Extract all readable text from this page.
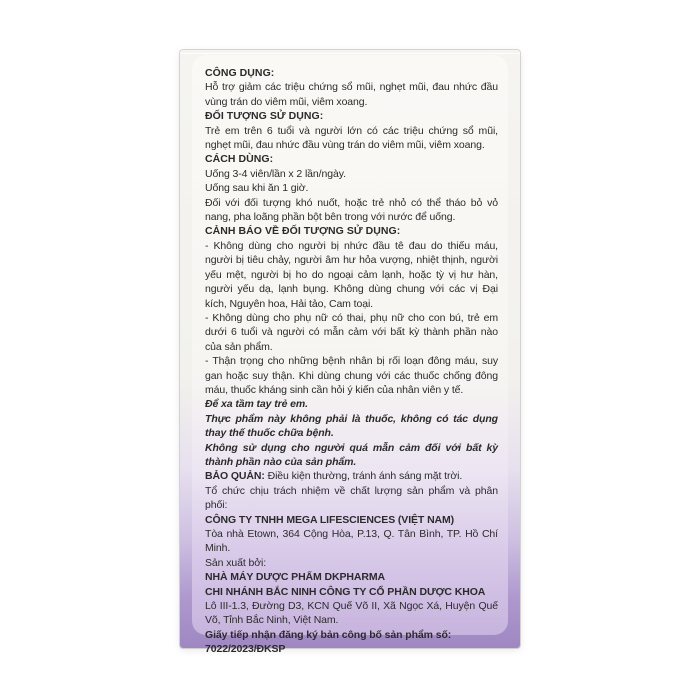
CÔNG DỤNG:

Hỗ trợ giảm các triệu chứng sổ mũi, nghẹt mũi, đau nhức đầu vùng trán do viêm mũi, viêm xoang.

ĐỐI TƯỢNG SỬ DỤNG:

Trẻ em trên 6 tuổi và người lớn có các triệu chứng sổ mũi, nghẹt mũi, đau nhức đầu vùng trán do viêm mũi, viêm xoang.

CÁCH DÙNG:

Uống 3-4 viên/lần x 2 lần/ngày.

Uống sau khi ăn 1 giờ.

Đối với đối tượng khó nuốt, hoặc trẻ nhỏ có thể tháo bỏ vỏ nang, pha loãng phần bột bên trong với nước để uống.

CẢNH BÁO VỀ ĐỐI TƯỢNG SỬ DỤNG:

- Không dùng cho người bị nhức đầu tê đau do thiếu máu, người bị tiêu chảy, người âm hư hỏa vượng, nhiệt thịnh, người yếu mệt, người bị ho do ngoại cảm lạnh, hoặc tỳ vị hư hàn, người yếu dạ, lạnh bụng. Không dùng chung với các vị Đại kích, Nguyên hoa, Hải tảo, Cam toại.

- Không dùng cho phụ nữ có thai, phụ nữ cho con bú, trẻ em dưới 6 tuổi và người có mẫn cảm với bất kỳ thành phần nào của sản phẩm.

- Thận trọng cho những bệnh nhân bị rối loạn đông máu, suy gan hoặc suy thận. Khi dùng chung với các thuốc chống đông máu, thuốc kháng sinh cần hỏi ý kiến của nhân viên y tế.

Để xa tầm tay trẻ em.

Thực phẩm này không phải là thuốc, không có tác dụng thay thế thuốc chữa bệnh.

Không sử dụng cho người quá mẫn cảm đối với bất kỳ thành phần nào của sản phẩm.

BẢO QUẢN: Điều kiện thường, tránh ánh sáng mặt trời.

Tổ chức chịu trách nhiệm về chất lượng sản phẩm và phân phối:

CÔNG TY TNHH MEGA LIFESCIENCES (VIỆT NAM)

Tòa nhà Etown, 364 Cộng Hòa, P.13, Q. Tân Bình, TP. Hồ Chí Minh.

Sản xuất bởi:

NHÀ MÁY DƯỢC PHẨM DKPHARMA

CHI NHÁNH BẮC NINH CÔNG TY CỔ PHẦN DƯỢC KHOA

Lô III-1.3, Đường D3, KCN Quế Võ II, Xã Ngọc Xá, Huyện Quế Võ, Tỉnh Bắc Ninh, Việt Nam.

Giấy tiếp nhận đăng ký bản công bố sản phẩm số:

7022/2023/ĐKSP
